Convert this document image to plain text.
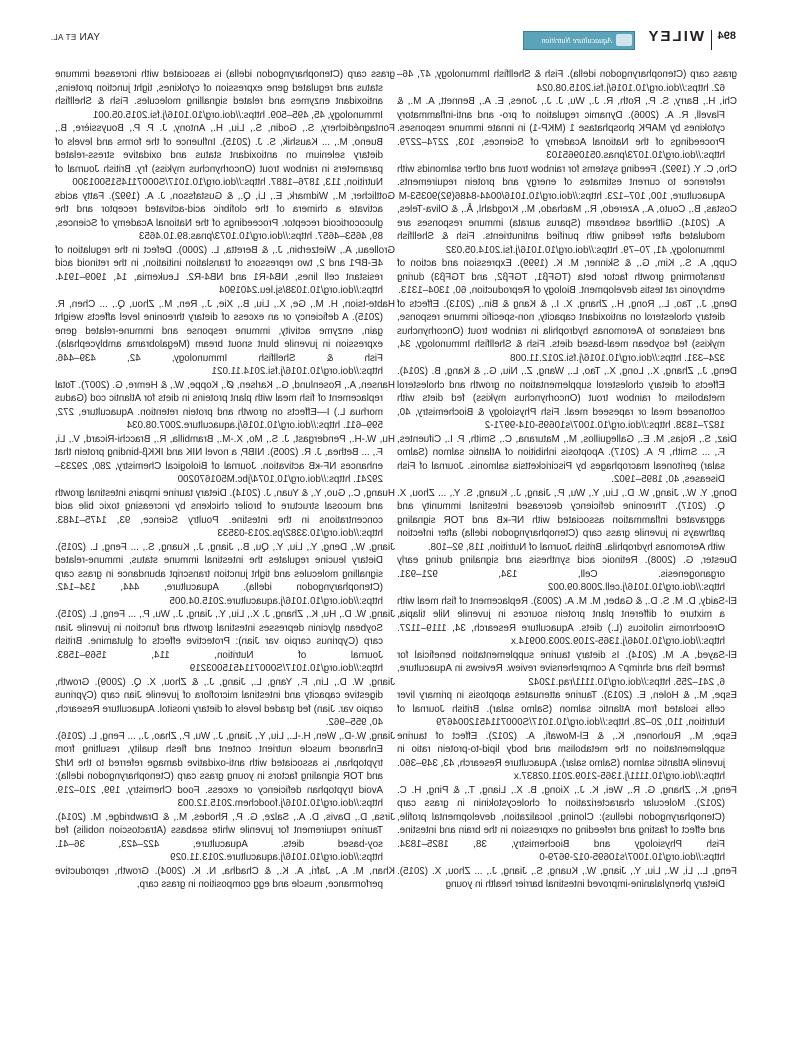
894
WILEY
Aquaculture Nutrition
YAN ET AL.

grass carp (Ctenopharyngodon idella). Fish & Shellfish Immunology, 47, 46–62. https://doi.org/10.1016/j.fsi.2015.08.024

Chi, H., Barry, S. P., Roth, R. J., Wu, J. J., Jones, E. A., Bennett, A. M., & Flavell, R. A. (2006). Dynamic regulation of pro- and anti-inflammatory cytokines by MAPK phosphatase 1 (MKP-1) in innate immune responses. Proceedings of the National Academy of Sciences, 103, 2274–2279. https://doi.org/10.1073/pnas.0510965103

Cho, C. Y. (1992). Feeding systems for rainbow trout and other salmonids with reference to current estimates of energy and protein requirements. Aquaculture, 100, 107–123. https://doi.org/10.1016/0044-8486(92)90353-M

Costas, B., Couto, A., Azeredo, R., Machado, M., Krogdahl, Å., & Oliva-Teles, A. (2014). Gilthead seabream (Sparus aurata) immune responses are modulated after feeding with purified antinutrients. Fish & Shellfish Immunology, 41, 70–79. https://doi.org/10.1016/j.fsi.2014.05.032

Cupp, A. S., Kim, G., & Skinner, M. K. (1999). Expression and action of transforming growth factor beta (TGFβ1, TGFβ2, and TGFβ3) during embryonic rat testis development. Biology of Reproduction, 60, 1304–1313.

Deng, J., Tao, L., Rong, H., Zhang, X. I., & Kang & Bin., (2013). Effects of dietary cholesterol on antioxidant capacity, non-specific immune response, and resistance to Aeromonas hydrophila in rainbow trout (Oncorhynchus mykiss) fed soybean meal-based diets. Fish & Shellfish Immunology, 34, 324–331. https://doi.org/10.1016/j.fsi.2012.11.008

Deng, J., Zhang, X., Long, X., Tao, L., Wang, Z., Niu, G., & Kang, B. (2014). Effects of dietary cholesterol supplementation on growth and cholesterol metabolism of rainbow trout (Oncorhynchus mykiss) fed diets with cottonseed meal or rapeseed meal. Fish Physiology & Biochemistry, 40, 1827–1838. https://doi.org/10.1007/s10695-014-9971-2

Diaz, S., Rojas, M. E., Galleguillos, M., Maturana, C., Smith, P. I., Cifuentes, F., ... Smith, P. A. (2017). Apoptosis inhibition of Atlantic salmon (Salmo salar) peritoneal macrophages by Piscirickettsia salmonis. Journal of Fish Diseases, 40, 1895–1902.

Dong, Y. W., Jiang, W. D., Liu, Y., Wu, P., Jiang, J., Kuang, S. Y., ... Zhou, X. Q. (2017). Threonine deficiency decreased intestinal immunity and aggravated inflammation associated with NF-κB and TOR signaling pathways in juvenile grass carp (Ctenopharyngodon idella) after infection with Aeromonas hydrophila. British Journal of Nutrition, 118, 92–108.

Duester, G. (2008). Retinoic acid synthesis and signaling during early organogenesis. Cell, 134, 921–931. https://doi.org/10.1016/j.cell.2008.09.002

El-Saidy, D. M. S. D., & Gaber, M. M. A. (2003). Replacement of fish meal with a mixture of different plant protein sources in juvenile Nile tilapia, Oreochromis niloticus (L.) diets. Aquaculture Research, 34, 1119–1127. https://doi.org/10.1046/j.1365-2109.2003.00914.x

El-Sayed, A. M. (2014). Is dietary taurine supplementation beneficial for farmed fish and shrimp? A comprehensive review. Reviews in Aquaculture, 6, 241–255. https://doi.org/10.1111/raq.12042

Espe, M., & Holen, E. (2013). Taurine attenuates apoptosis in primary liver cells isolated from Atlantic salmon (Salmo salar). British Journal of Nutrition, 110, 20–28. https://doi.org/10.1017/S0007114512004679

Espe, M., Ruohonen, K., & El-Mowafi, A. (2012). Effect of taurine supplementation on the metabolism and body lipid-to-protein ratio in juvenile Atlantic salmon (Salmo salar). Aquaculture Research, 43, 349–360. https://doi.org/10.1111/j.1365-2109.2011.02837.x

Feng, K., Zhang, G. R., Wei, K. J., Xiong, B. X., Liang, T., & Ping, H. C. (2012). Molecular characterization of cholecystokinin in grass carp (Ctenopharyngodon idellus): Cloning, localization, developmental profile, and effect of fasting and refeeding on expression in the brain and intestine. Fish Physiology and Biochemistry, 38, 1825–1834. https://doi.org/10.1007/s10695-012-9679-0

Feng, L., Li, W., Liu, Y., Jiang, W., Kuang, S., Jiang, J., ... Zhou, X. (2015). Dietary phenylalanine-improved intestinal barrier health in young

grass carp (Ctenopharyngodon idella) is associated with increased immune status and regulated gene expression of cytokines, tight junction proteins, antioxidant enzymes and related signalling molecules. Fish & Shellfish Immunology, 45, 495–509. https://doi.org/10.1016/j.fsi.2015.05.001

Fontagnédichery, S., Godin, S., Liu, H., Antony, J. P. P., Bouyssière, B., Bueno, M., ... Kaushik, S. J. (2015). Influence of the forms and levels of dietary selenium on antioxidant status and oxidative stress-related parameters in rainbow trout (Oncorhynchus mykiss) fry. British Journal of Nutrition, 113, 1876–1887. https://doi.org/10.1017/S0007114515001300

Gottlicher, M., Widmark, E., Li, Q., & Gustafsson, J. A. (1992). Fatty acids activate a chimera of the clofibric acid-activated receptor and the glucocorticoid receptor. Proceedings of the National Academy of Sciences, 89, 4653–4657. https://doi.org/10.1073/pnas.89.10.4653

Grolleau, A., Wietzerbin, J., & Beretta, L. (2000). Defect in the regulation of 4E-BP1 and 2, two repressors of translation initiation, in the retinoid acid resistant cell lines, NB4-R1 and NB4-R2. Leukemia, 14, 1909–1914. https://doi.org/10.1038/sj.leu.2401904

Habte-tsion, H. M., Ge, X., Liu, B., Xie, J., Ren, M., Zhou, Q., ... Chen, R. (2015). A deficiency or an excess of dietary threonine level affects weight gain, enzyme activity, immune response and immune-related gene expression in juvenile blunt snout bream (Megalobrama amblycephala). Fish & Shellfish Immunology, 42, 439–446. https://doi.org/10.1016/j.fsi.2014.11.021

Hansen, A., Rosenlund, G., Karlsen, Ø., Koppe, W., & Hemre, G. (2007). Total replacement of fish meal with plant proteins in diets for Atlantic cod (Gadus morhua L.) I—Effects on growth and protein retention. Aquaculture, 272, 599–611. https://doi.org/10.1016/j.aquaculture.2007.08.034

Hu, W.-H., Pendergast, J. S., Mo, X.-M., Brambilla, R., Bracchi-Ricard, V., Li, F., ... Bethea, J. R. (2005). NIBP, a novel NIK and IKKβ-binding protein that enhances NF-κB activation. Journal of Biological Chemistry, 280, 29233–29241. https://doi.org/10.1074/jbc.M501670200

Huang, C., Guo, Y., & Yuan, J. (2014). Dietary taurine impairs intestinal growth and mucosal structure of broiler chickens by increasing toxic bile acid concentrations in the intestine. Poultry Science, 93, 1475–1483. https://doi.org/10.3382/ps.2013-03533

Jiang, W., Deng, Y., Liu, Y., Qu, B., Jiang, J., Kuang, S., ... Feng, L. (2015). Dietary leucine regulates the intestinal immune status, immune-related signalling molecules and tight junction transcript abundance in grass carp (Ctenopharyngodon idella). Aquaculture, 444, 134–142. https://doi.org/10.1016/j.aquaculture.2015.04.005

Jiang, W. D., Hu, K., Zhang, J. X., Liu, Y., Jiang, J., Wu, P., ... Feng, L. (2015). Soybean glycinin depresses intestinal growth and function in juvenile Jian carp (Cyprinus carpio var Jian): Protective effects of glutamine. British Journal of Nutrition, 114, 1569–1583. https://doi.org/10.1017/S0007114515003219

Jiang, W. D., Lin, F., Yang, L., Jiang, J., & Zhou, X. Q. (2009). Growth, digestive capacity and intestinal microflora of juvenile Jian carp (Cyprinus carpio var. Jian) fed graded levels of dietary inositol. Aquaculture Research, 40, 955–962.

Jiang, W.-D., Wen, H.-L., Liu, Y., Jiang, J., Wu, P., Zhao, J., ... Feng, L. (2016). Enhanced muscle nutrient content and flesh quality, resulting from tryptophan, is associated with anti-oxidative damage referred to the Nrf2 and TOR signaling factors in young grass carp (Ctenopharyngodon idella): Avoid tryptophan deficiency or excess. Food Chemistry, 199, 210–219. https://doi.org/10.1016/j.foodchem.2015.12.003

Jirsa, D., Davis, D. A., Salze, G. P., Rhodes, M., & Drawbridge, M. (2014). Taurine requirement for juvenile white seabass (Atractoscion nobilis) fed soy-based diets. Aquaculture, 422–423, 36–41. https://doi.org/10.1016/j.aquaculture.2013.11.029

Khan, M. A., Jafri, A. K., & Chadha, N. K. (2004). Growth, reproductive performance, muscle and egg composition in grass carp,
